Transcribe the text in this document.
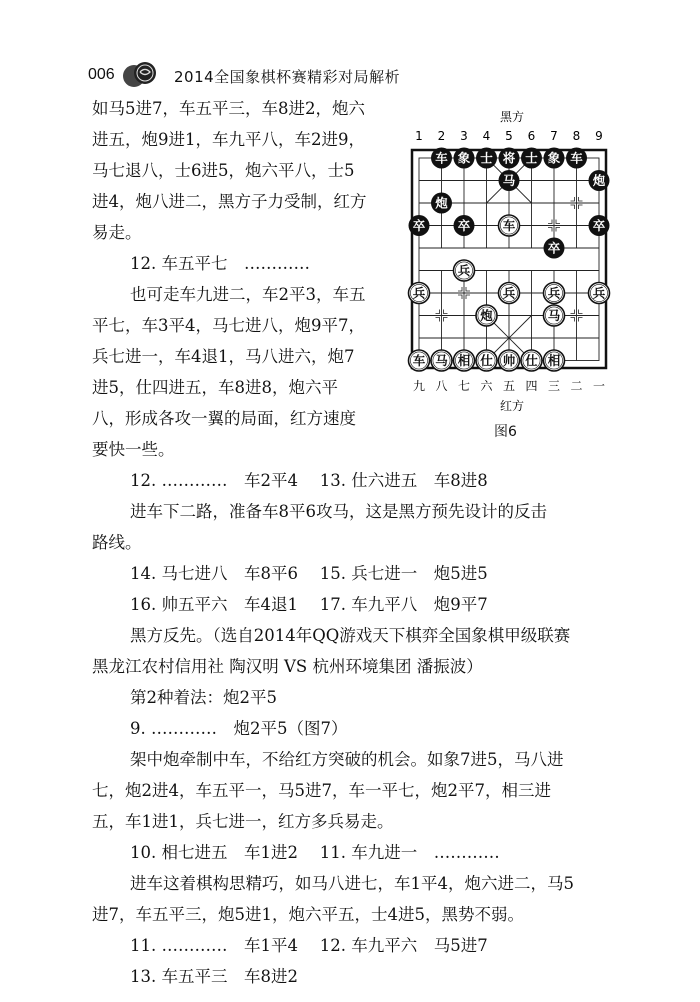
006	2014全国象棋杯赛精彩对局解析

如马5进7，车五平三，车8进2，炮六

进五，炮9进1，车九平八，车2进9，

马七退八，士6进5，炮六平八，士5

进4，炮八进二，黑方子力受制，红方

易走。

12. 车五平七　…………

也可走车九进二，车2平3，车五

平七，车3平4，马七进八，炮9平7，

兵七进一，车4退1，马八进六，炮7

进5，仕四进五，车8进8，炮六平

八，形成各攻一翼的局面，红方速度

要快一些。

12. …………　车2平4　 13. 仕六进五　车8进8

进车下二路，准备车8平6攻马，这是黑方预先设计的反击

路线。

14. 马七进八　车8平6　 15. 兵七进一　炮5进5

16. 帅五平六　车4退1　 17. 车九平八　炮9平7

黑方反先。（选自2014年QQ游戏天下棋弈全国象棋甲级联赛

黑龙江农村信用社 陶汉明 VS 杭州环境集团 潘振波）

第2种着法：炮2平5

9. …………　炮2平5（图7）

架中炮牵制中车，不给红方突破的机会。如象7进5，马八进

七，炮2进4，车五平一，马5进7，车一平七，炮2平7，相三进

五，车1进1，兵七进一，红方多兵易走。

10. 相七进五　车1进2　 11. 车九进一　…………

进车这着棋构思精巧，如马八进七，车1平4，炮六进二，马5

进7，车五平三，炮5进1，炮六平五，士4进5，黑势不弱。

11. …………　车1平4　 12. 车九平六　马5进7

13. 车五平三　车8进2

黑方
1 2 3 4 5 6 7 8 9
车 象 士 将 士 象 车
马	炮
炮
卒	卒	车	卒
卒
兵
兵	兵	兵	兵
炮	马
车 马 相 仕 帅 仕 相
九 八 七 六 五 四 三 二 一
红方
图6
